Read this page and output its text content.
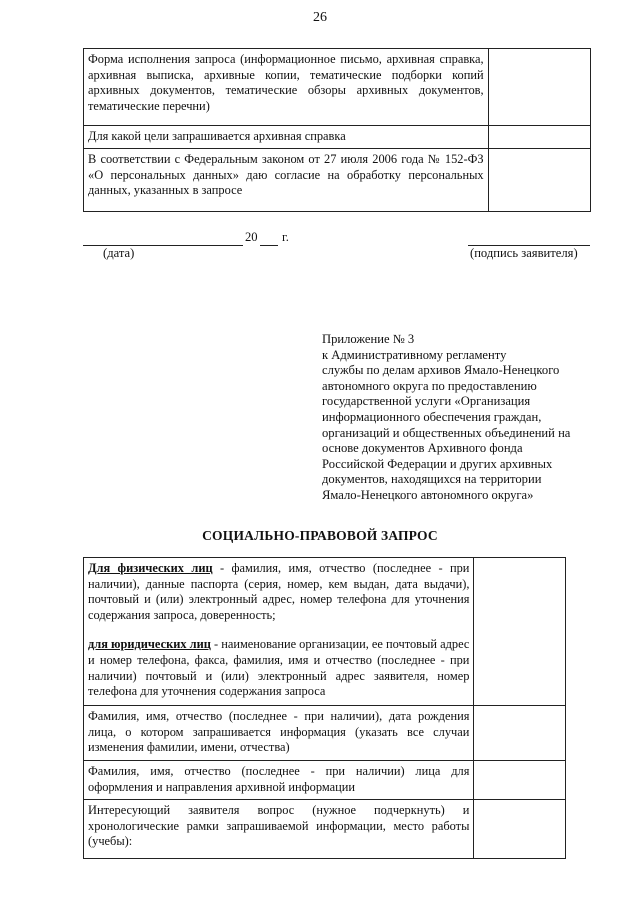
26
Форма исполнения запроса (информационное письмо, архивная справка, архивная выписка, архивные копии, тематические подборки копий архивных документов, тематические обзоры архивных документов, тематические перечни)	
Для какой цели запрашивается архивная справка	
В соответствии с Федеральным законом от 27 июля 2006 года № 152-ФЗ «О персональных данных» даю согласие на обработку персональных данных, указанных в запросе	
20 г.
(дата)	(подпись заявителя)
Приложение № 3
к Административному регламенту
службы по делам архивов Ямало-Ненецкого
автономного округа по предоставлению
государственной услуги «Организация
информационного обеспечения граждан,
организаций и общественных объединений на
основе документов Архивного фонда
Российской Федерации и других архивных
документов, находящихся на территории
Ямало-Ненецкого автономного округа»
СОЦИАЛЬНО-ПРАВОВОЙ ЗАПРОС

Для физических лиц - фамилия, имя, отчество (последнее - при наличии), данные паспорта (серия, номер, кем выдан, дата выдачи), почтовый и (или) электронный адрес, номер телефона для уточнения содержания запроса, доверенность;

для юридических лиц - наименование организации, ее почтовый адрес и номер телефона, факса, фамилия, имя и отчество (последнее - при наличии) почтовый и (или) электронный адрес заявителя, номер телефона для уточнения содержания запроса	

Фамилия, имя, отчество (последнее - при наличии), дата рождения лица, о котором запрашивается информация (указать все случаи изменения фамилии, имени, отчества)	
Фамилия, имя, отчество (последнее - при наличии) лица для оформления и направления архивной информации	
Интересующий заявителя вопрос (нужное подчеркнуть) и хронологические рамки запрашиваемой информации, место работы (учебы):	
